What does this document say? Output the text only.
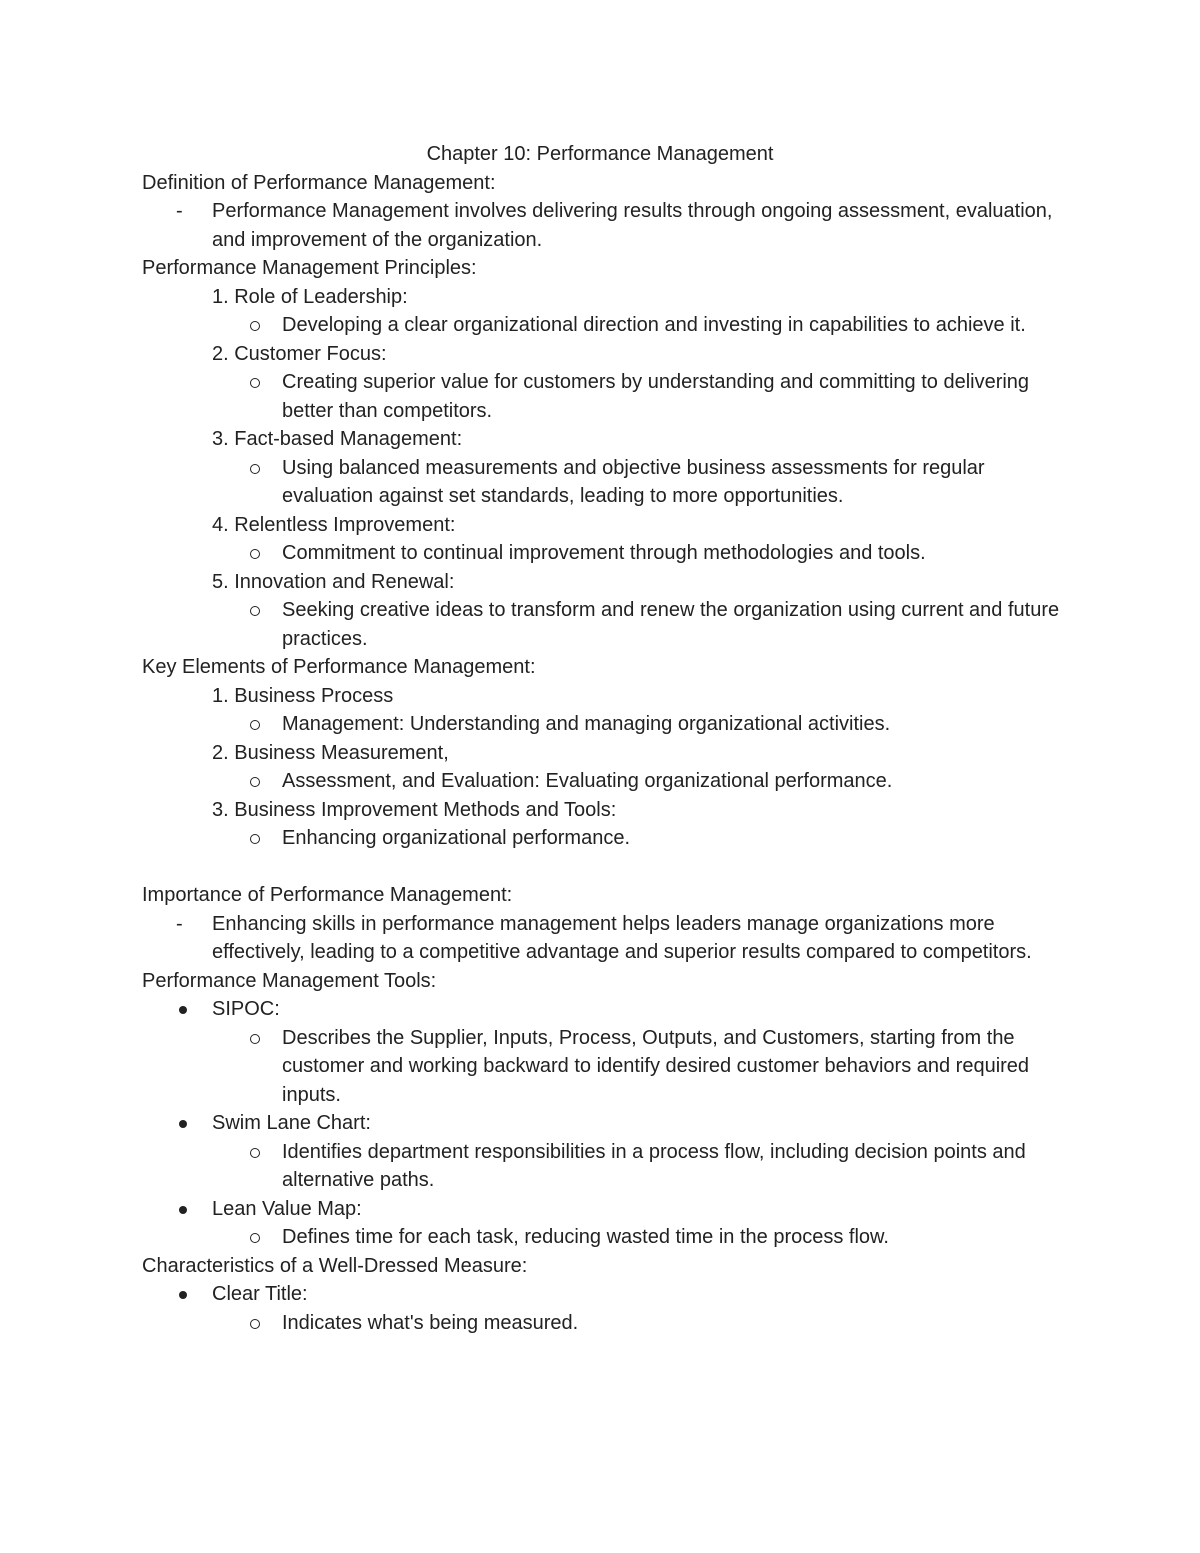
Chapter 10: Performance Management
Definition of Performance Management:
- Performance Management involves delivering results through ongoing assessment, evaluation, and improvement of the organization.
Performance Management Principles:
1. Role of Leadership:
Developing a clear organizational direction and investing in capabilities to achieve it.
2. Customer Focus:
Creating superior value for customers by understanding and committing to delivering better than competitors.
3. Fact-based Management:
Using balanced measurements and objective business assessments for regular evaluation against set standards, leading to more opportunities.
4. Relentless Improvement:
Commitment to continual improvement through methodologies and tools.
5. Innovation and Renewal:
Seeking creative ideas to transform and renew the organization using current and future practices.
Key Elements of Performance Management:
1. Business Process
Management: Understanding and managing organizational activities.
2. Business Measurement,
Assessment, and Evaluation: Evaluating organizational performance.
3. Business Improvement Methods and Tools:
Enhancing organizational performance.
Importance of Performance Management:
- Enhancing skills in performance management helps leaders manage organizations more effectively, leading to a competitive advantage and superior results compared to competitors.
Performance Management Tools:
SIPOC:
Describes the Supplier, Inputs, Process, Outputs, and Customers, starting from the customer and working backward to identify desired customer behaviors and required inputs.
Swim Lane Chart:
Identifies department responsibilities in a process flow, including decision points and alternative paths.
Lean Value Map:
Defines time for each task, reducing wasted time in the process flow.
Characteristics of a Well-Dressed Measure:
Clear Title:
Indicates what's being measured.
